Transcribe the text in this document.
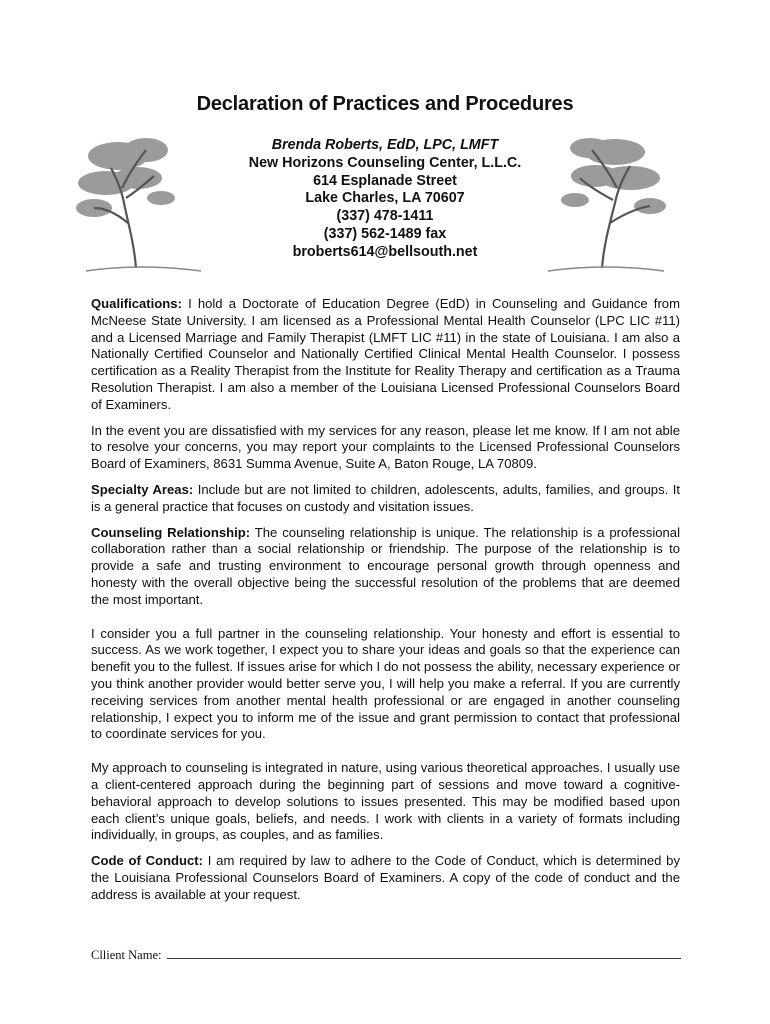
Declaration of Practices and Procedures
Brenda Roberts, EdD, LPC, LMFT
New Horizons Counseling Center, L.L.C.
614 Esplanade Street
Lake Charles, LA 70607
(337) 478-1411
(337) 562-1489 fax
broberts614@bellsouth.net

Qualifications: I hold a Doctorate of Education Degree (EdD) in Counseling and Guidance from McNeese State University. I am licensed as a Professional Mental Health Counselor (LPC LIC #11) and a Licensed Marriage and Family Therapist (LMFT LIC #11) in the state of Louisiana. I am also a Nationally Certified Counselor and Nationally Certified Clinical Mental Health Counselor. I possess certification as a Reality Therapist from the Institute for Reality Therapy and certification as a Trauma Resolution Therapist. I am also a member of the Louisiana Licensed Professional Counselors Board of Examiners.

In the event you are dissatisfied with my services for any reason, please let me know. If I am not able to resolve your concerns, you may report your complaints to the Licensed Professional Counselors Board of Examiners, 8631 Summa Avenue, Suite A, Baton Rouge, LA 70809.

Specialty Areas: Include but are not limited to children, adolescents, adults, families, and groups. It is a general practice that focuses on custody and visitation issues.

Counseling Relationship: The counseling relationship is unique. The relationship is a professional collaboration rather than a social relationship or friendship. The purpose of the relationship is to provide a safe and trusting environment to encourage personal growth through openness and honesty with the overall objective being the successful resolution of the problems that are deemed the most important.

I consider you a full partner in the counseling relationship. Your honesty and effort is essential to success. As we work together, I expect you to share your ideas and goals so that the experience can benefit you to the fullest. If issues arise for which I do not possess the ability, necessary experience or you think another provider would better serve you, I will help you make a referral. If you are currently receiving services from another mental health professional or are engaged in another counseling relationship, I expect you to inform me of the issue and grant permission to contact that professional to coordinate services for you.

My approach to counseling is integrated in nature, using various theoretical approaches. I usually use a client-centered approach during the beginning part of sessions and move toward a cognitive-behavioral approach to develop solutions to issues presented. This may be modified based upon each client’s unique goals, beliefs, and needs. I work with clients in a variety of formats including individually, in groups, as couples, and as families.

Code of Conduct: I am required by law to adhere to the Code of Conduct, which is determined by the Louisiana Professional Counselors Board of Examiners. A copy of the code of conduct and the address is available at your request.

Cllient Name:
